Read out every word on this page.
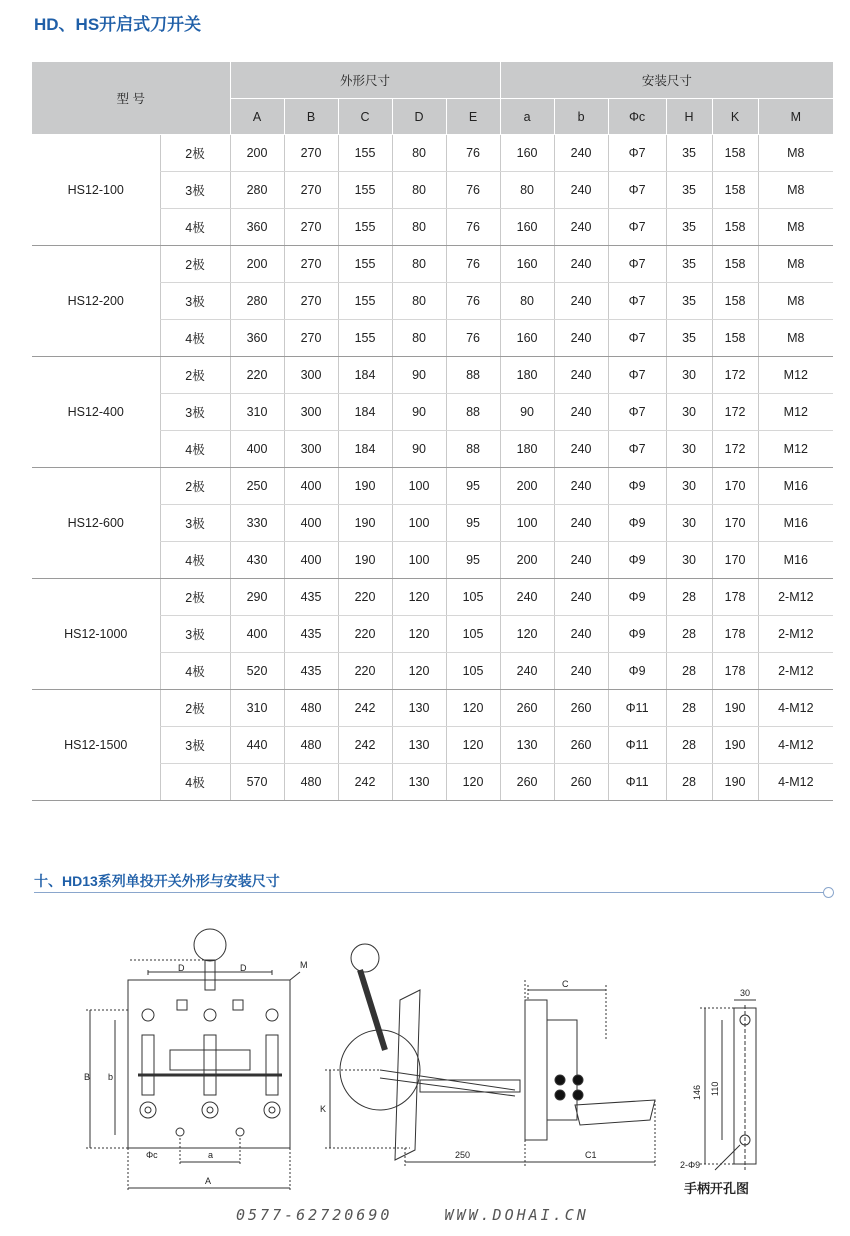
HD、HS开启式刀开关
型 号		外形尺寸					安装尺寸					
		A	B	C	D	E	a	b	Φc	H	K	M
HS12-100	2极	200	270	155	80	76	160	240	Φ7	35	158	M8
	3极	280	270	155	80	76	80	240	Φ7	35	158	M8
	4极	360	270	155	80	76	160	240	Φ7	35	158	M8
HS12-200	2极	200	270	155	80	76	160	240	Φ7	35	158	M8
	3极	280	270	155	80	76	80	240	Φ7	35	158	M8
	4极	360	270	155	80	76	160	240	Φ7	35	158	M8
HS12-400	2极	220	300	184	90	88	180	240	Φ7	30	172	M12
	3极	310	300	184	90	88	90	240	Φ7	30	172	M12
	4极	400	300	184	90	88	180	240	Φ7	30	172	M12
HS12-600	2极	250	400	190	100	95	200	240	Φ9	30	170	M16
	3极	330	400	190	100	95	100	240	Φ9	30	170	M16
	4极	430	400	190	100	95	200	240	Φ9	30	170	M16
HS12-1000	2极	290	435	220	120	105	240	240	Φ9	28	178	2-M12
	3极	400	435	220	120	105	120	240	Φ9	28	178	2-M12
	4极	520	435	220	120	105	240	240	Φ9	28	178	2-M12
HS12-1500	2极	310	480	242	130	120	260	260	Φ11	28	190	4-M12
	3极	440	480	242	130	120	130	260	Φ11	28	190	4-M12
	4极	570	480	242	130	120	260	260	Φ11	28	190	4-M12
十、HD13系列单投开关外形与安装尺寸
D	D	M
B b
Φc	a
A
K
C
250	C1
30
146 110
2-Φ9
手柄开孔图
0577-62720690	WWW.DOHAI.CN
